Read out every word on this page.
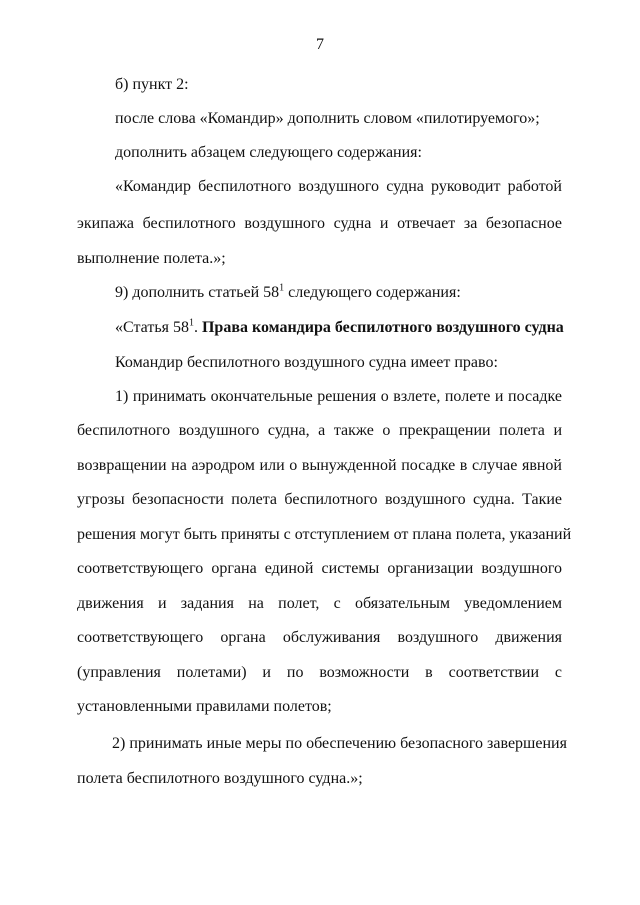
7
б) пункт 2:
после слова «Командир» дополнить словом «пилотируемого»;
дополнить абзацем следующего содержания:
«Командир беспилотного воздушного судна руководит работой
экипажа беспилотного воздушного судна и отвечает за безопасное
выполнение полета.»;
9) дополнить статьей $58^1$ следующего содержания:
«Статья $58^1$. Права командира беспилотного воздушного судна
Командир беспилотного воздушного судна имеет право:
1) принимать окончательные решения о взлете, полете и посадке
беспилотного воздушного судна, а также о прекращении полета и
возвращении на аэродром или о вынужденной посадке в случае явной
угрозы безопасности полета беспилотного воздушного судна. Такие
решения могут быть приняты с отступлением от плана полета, указаний
соответствующего органа единой системы организации воздушного
движения и задания на полет, с обязательным уведомлением
соответствующего органа обслуживания воздушного движения
(управления полетами) и по возможности в соответствии с
установленными правилами полетов;
2) принимать иные меры по обеспечению безопасного завершения
полета беспилотного воздушного судна.»;
